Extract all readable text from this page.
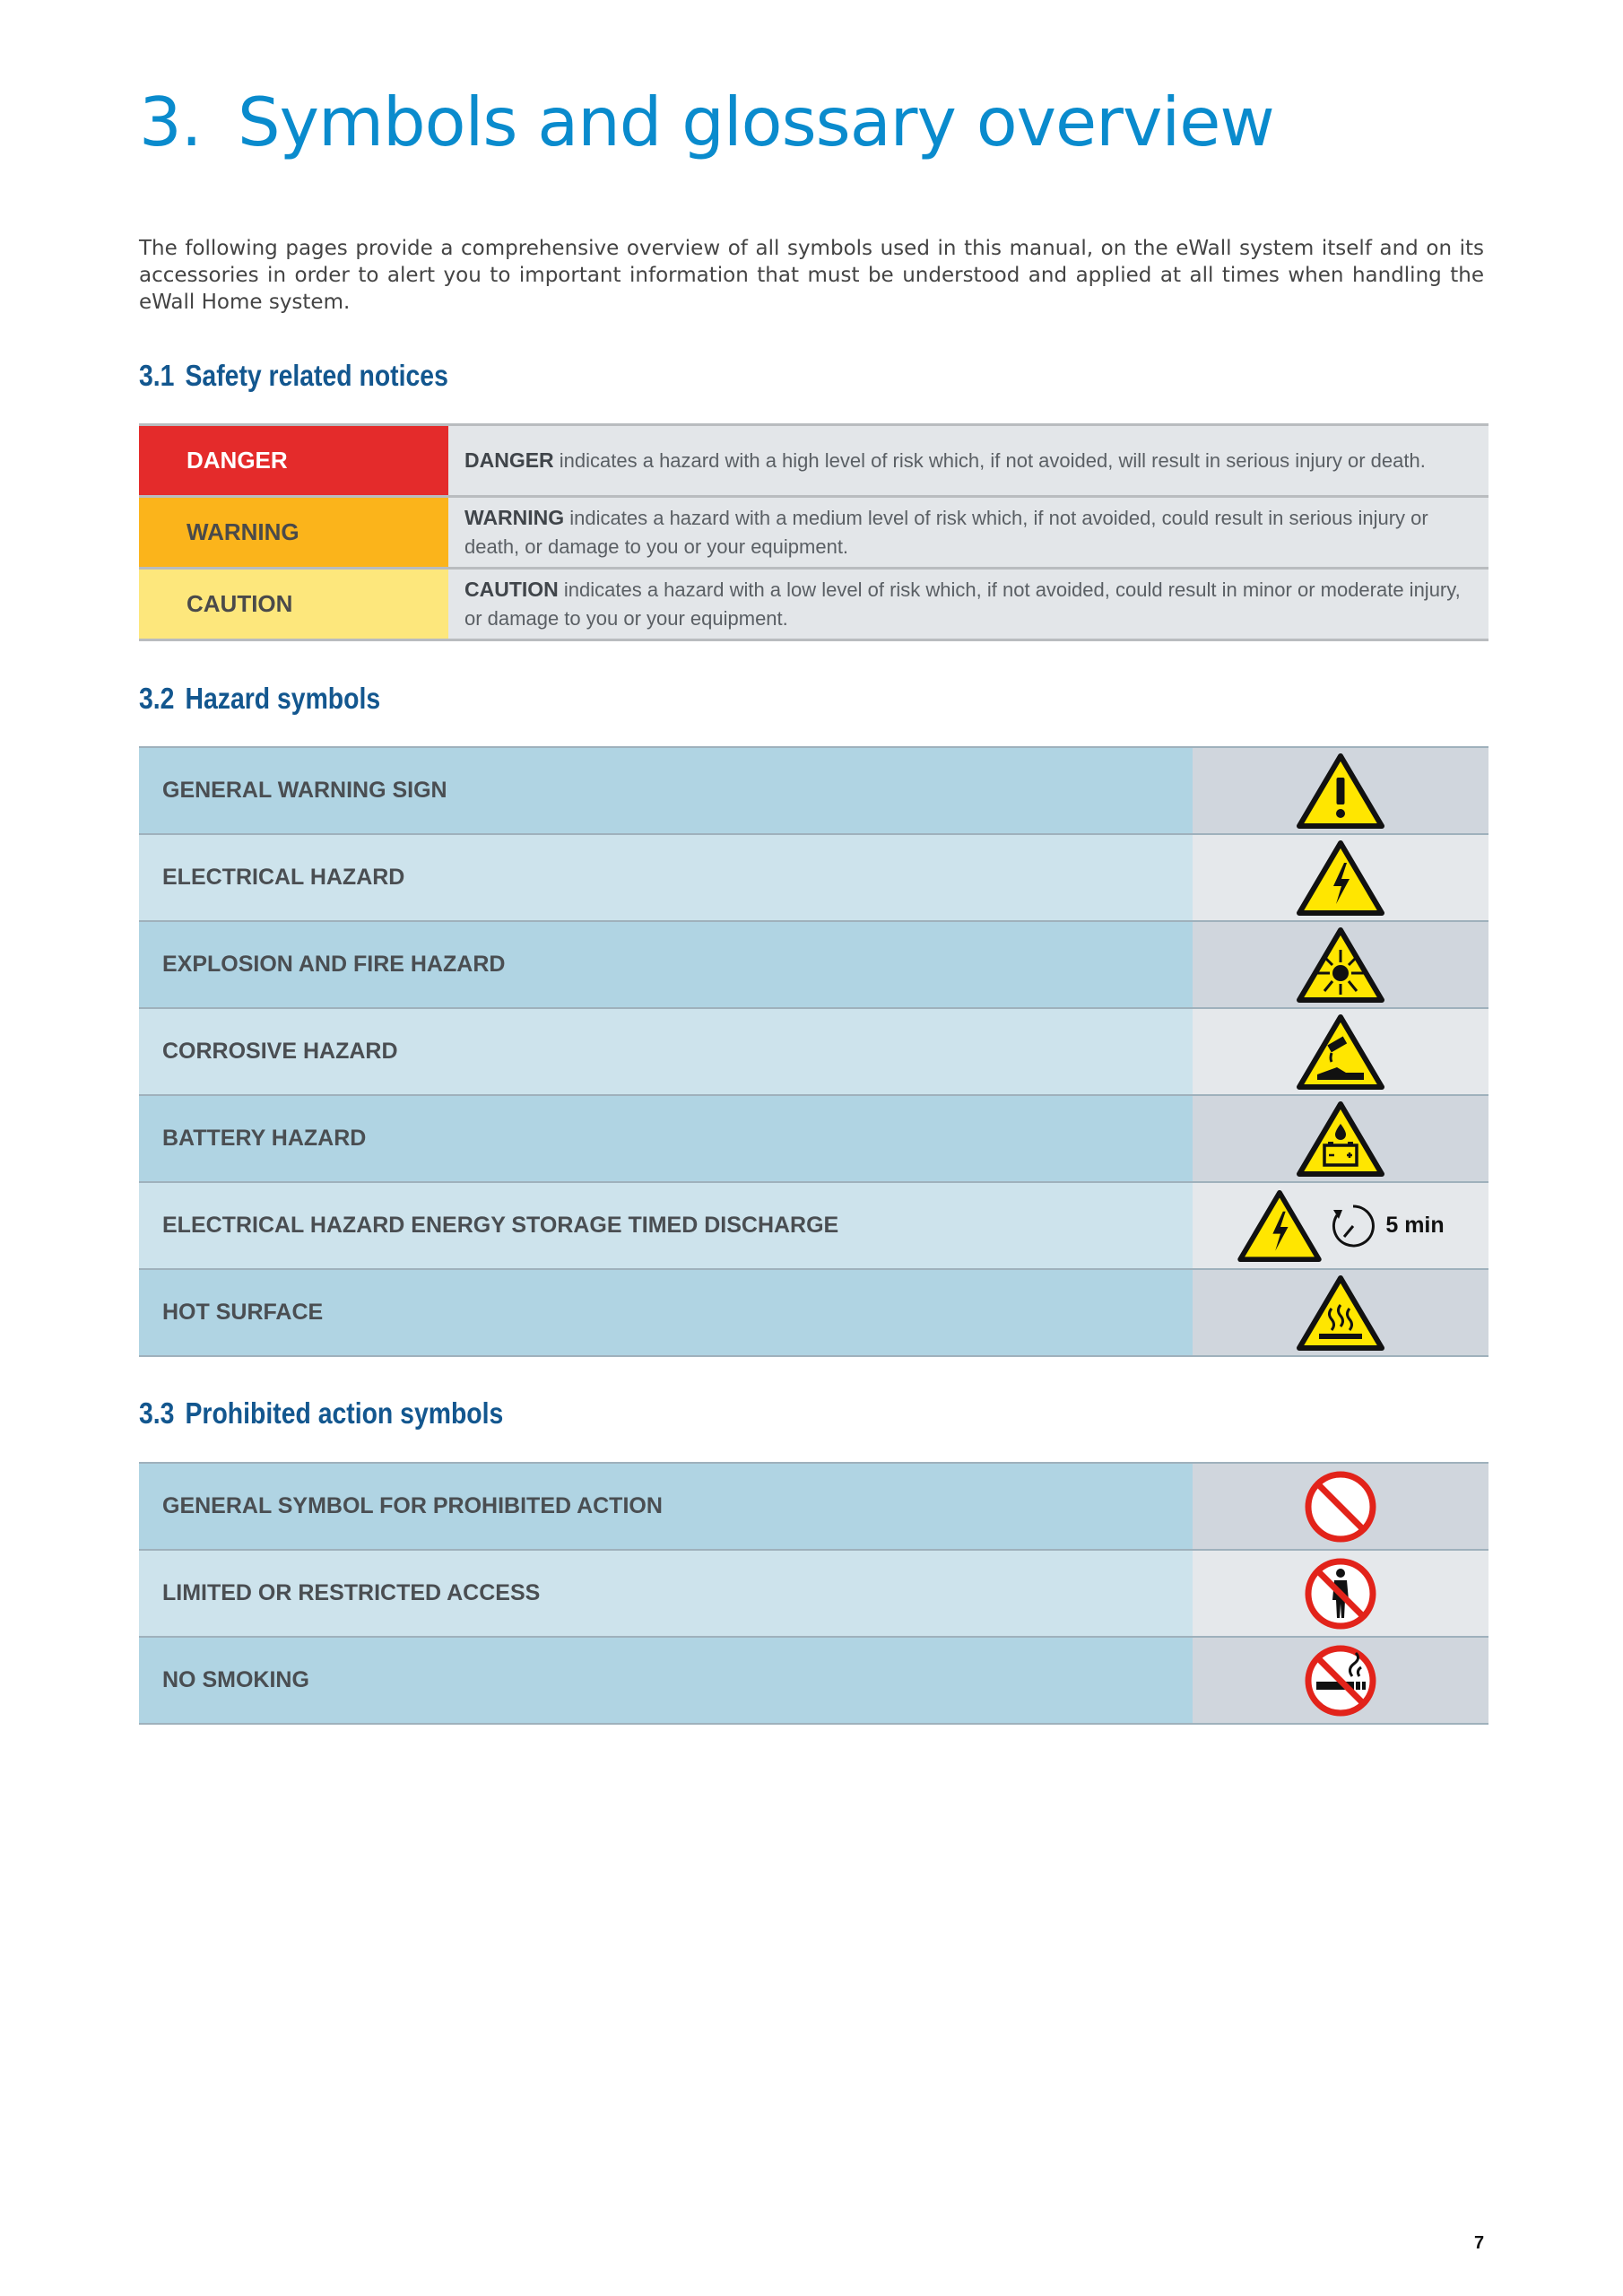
3. Symbols and glossary overview

The following pages provide a comprehensive overview of all symbols used in this manual, on the eWall system itself and on its accessories in order to alert you to important information that must be understood and applied at all times when handling the eWall Home system.

3.1 Safety related notices
DANGER	DANGER indicates a hazard with a high level of risk which, if not avoided, will result in serious injury or death.
WARNING
WARNING indicates a hazard with a medium level of risk which, if not avoided, could result in serious injury or death, or damage to you or your equipment.
CAUTION
CAUTION indicates a hazard with a low level of risk which, if not avoided, could result in minor or moderate injury, or damage to you or your equipment.
3.2 Hazard symbols
GENERAL WARNING SIGN
ELECTRICAL HAZARD
EXPLOSION AND FIRE HAZARD
CORROSIVE HAZARD
BATTERY HAZARD
ELECTRICAL HAZARD ENERGY STORAGE TIMED DISCHARGE	5 min
HOT SURFACE
3.3 Prohibited action symbols
GENERAL SYMBOL FOR PROHIBITED ACTION
LIMITED OR RESTRICTED ACCESS
NO SMOKING
7
